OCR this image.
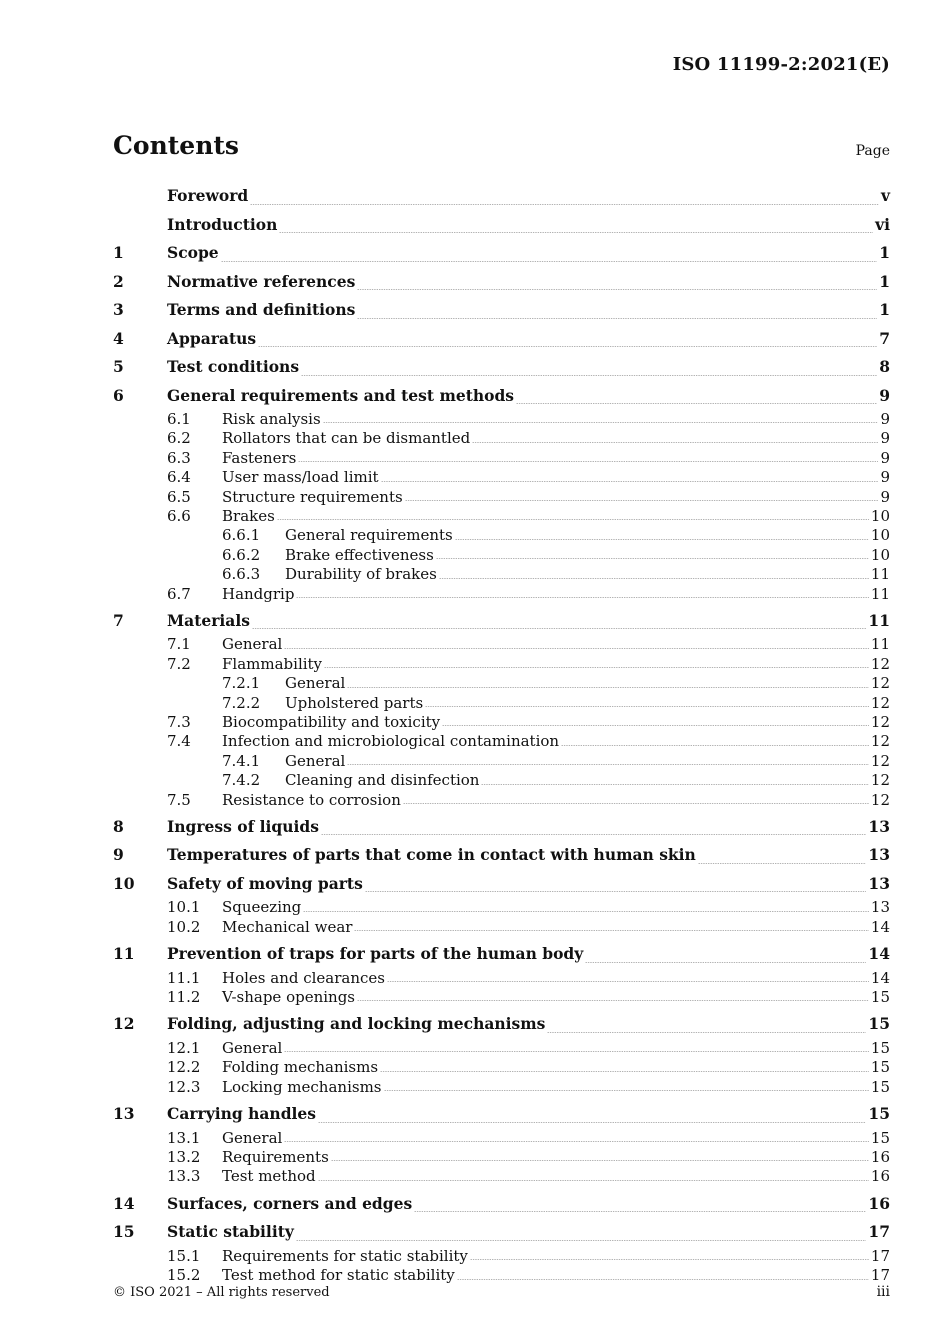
ISO 11199-2:2021(E)
Contents	Page
Foreword	v
Introduction	vi
1	Scope	1
2	Normative references	1
3	Terms and definitions	1
4	Apparatus	7
5	Test conditions	8
6	General requirements and test methods	9
6.1	Risk analysis	9
6.2	Rollators that can be dismantled	9
6.3	Fasteners	9
6.4	User mass/load limit	9
6.5	Structure requirements	9
6.6	Brakes	10
6.6.1	General requirements	10
6.6.2	Brake effectiveness	10
6.6.3	Durability of brakes	11
6.7	Handgrip	11
7	Materials	11
7.1	General	11
7.2	Flammability	12
7.2.1	General	12
7.2.2	Upholstered parts	12
7.3	Biocompatibility and toxicity	12
7.4	Infection and microbiological contamination	12
7.4.1	General	12
7.4.2	Cleaning and disinfection	12
7.5	Resistance to corrosion	12
8	Ingress of liquids	13
9	Temperatures of parts that come in contact with human skin	13
10	Safety of moving parts	13
10.1	Squeezing	13
10.2	Mechanical wear	14
11	Prevention of traps for parts of the human body	14
11.1	Holes and clearances	14
11.2	V-shape openings	15
12	Folding, adjusting and locking mechanisms	15
12.1	General	15
12.2	Folding mechanisms	15
12.3	Locking mechanisms	15
13	Carrying handles	15
13.1	General	15
13.2	Requirements	16
13.3	Test method	16
14	Surfaces, corners and edges	16
15	Static stability	17
15.1	Requirements for static stability	17
15.2	Test method for static stability	17
© ISO 2021 – All rights reserved	iii
